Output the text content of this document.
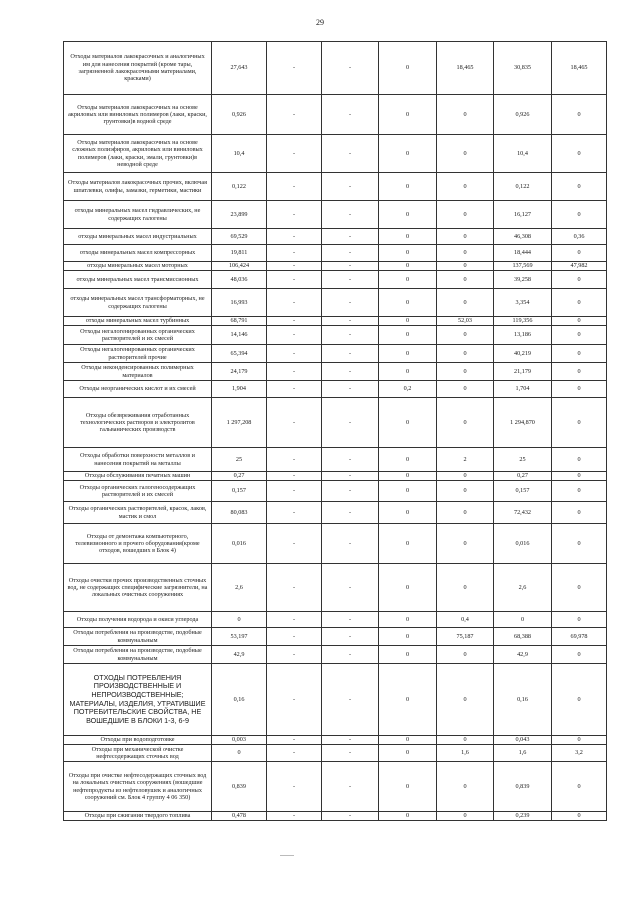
29
Отходы материалов лакокрасочных и аналогичных им для нанесения покрытий (кроме тары, загрязненной лакокрасочными материалами, красками)	27,643	-	-	0	18,465	30,835	18,465
Отходы материалов лакокрасочных на основе акриловых или виниловых полимеров (лаки, краски, грунтовки)в водной среде	0,926	-	-	0	0	0,926	0
Отходы материалов лакокрасочных на основе сложных полиэфиров, акриловых или виниловых полимеров (лаки, краски, эмали, грунтовки)в неводной среде	10,4	-	-	0	0	10,4	0
Отходы материалов лакокрасочных прочих, включая шпатлевки, олифы, замазки, герметики, мастики	0,122	-	-	0	0	0,122	0
отходы минеральных масел гидравлических, не содержащих галогены	23,899	-	-	0	0	16,127	0
отходы минеральных масел индустриальных	69,529	-	-	0	0	46,308	0,36
отходы минеральных масел компрессорных	19,811	-	-	0	0	18,444	0
отходы минеральных масел моторных	106,424	-	-	0	0	137,569	47,982
отходы минеральных масел трансмиссионных	48,036	-	-	0	0	39,258	0
отходы минеральных масел трансформаторных, не содержащих галогены	16,993	-	-	0	0	3,354	0
отходы минеральных масел турбинных	68,791	-	-	0	52,03	119,356	0
Отходы негалогенированных органических растворителей и их смесей	14,146	-	-	0	0	13,186	0
Отходы негалогенированных органических растворителей прочие	65,394	-	-	0	0	40,219	0
Отходы неконденсированных полимерных материалов	24,179	-	-	0	0	21,179	0
Отходы неорганических кислот и их смесей	1,904	-	-	0,2	0	1,704	0
Отходы обезвреживания отработанных технологических растворов и электролитов гальванических производств	1 297,208	-	-	0	0	1 294,870	0
Отходы обработки поверхности металлов и нанесения покрытий на металлы	25	-	-	0	2	25	0
Отходы обслуживания печатных машин	0,27	-	-	0	0	0,27	0
Отходы органических галогеносодержащих растворителей и их смесей	0,157	-	-	0	0	0,157	0
Отходы органических растворителей, красок, лаков, мастик и смол	80,083	-	-	0	0	72,432	0
Отходы от демонтажа компьютерного, телевизионного и прочего оборудования(кроме отходов, вошедших в Блок 4)	0,016	-	-	0	0	0,016	0
Отходы очистки прочих производственных сточных вод, не содержащих специфические загрязнители, на локальных очистных сооружениях	2,6	-	-	0	0	2,6	0
Отходы получения водорода и окиси углерода	0	-	-	0	0,4	0	0
Отходы потребления на производстве, подобные коммунальным	53,197	-	-	0	75,187	68,388	69,978
Отходы потребления на производстве, подобные коммунальным	42,9	-	-	0	0	42,9	0
ОТХОДЫ ПОТРЕБЛЕНИЯ ПРОИЗВОДСТВЕННЫЕ И НЕПРОИЗВОДСТВЕННЫЕ; МАТЕРИАЛЫ, ИЗДЕЛИЯ, УТРАТИВШИЕ ПОТРЕБИТЕЛЬСКИЕ СВОЙСТВА, НЕ ВОШЕДШИЕ В БЛОКИ 1-3, 6-9	0,16	-	-	0	0	0,16	0
Отходы при водоподготовке	0,003	-	-	0	0	0,043	0
Отходы при механической очистке нефтесодержащих сточных вод	0	-	-	0	1,6	1,6	3,2
Отходы при очистке нефтесодержащих сточных вод на локальных очистных сооружениях (вошедшие нефтепродукты из нефтеловушек и аналогичных сооружений см. Блок 4 группу 4 06 350)	0,839	-	-	0	0	0,839	0
Отходы при сжигании твердого топлива	0,478	-	-	0	0	0,239	0
